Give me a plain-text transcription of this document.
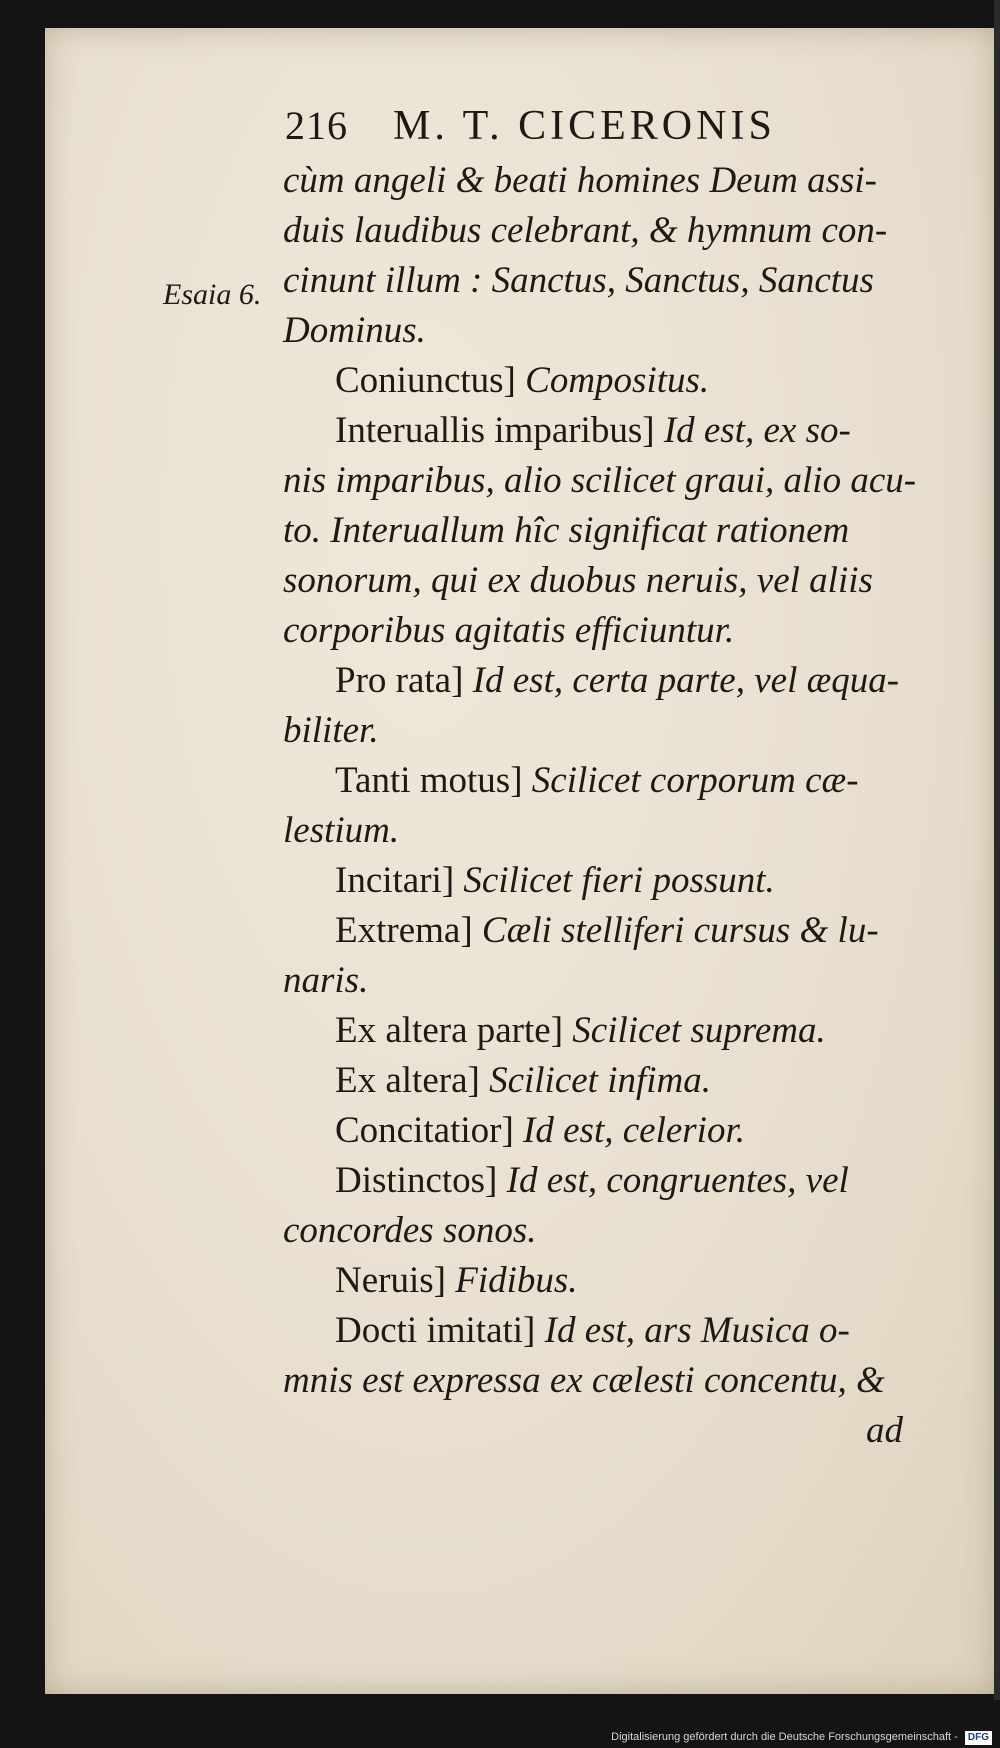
216 M. T. CICERONIS
Esaia 6.
cùm angeli & beati homines Deum assi-
duis laudibus celebrant, & hymnum con-
cinunt illum : Sanctus, Sanctus, Sanctus
Dominus.
Coniunctus] Compositus.
Interuallis imparibus] Id est, ex so-
nis imparibus, alio scilicet graui, alio acu-
to. Interuallum hîc significat rationem
sonorum, qui ex duobus neruis, vel aliis
corporibus agitatis efficiuntur.
Pro rata] Id est, certa parte, vel æqua-
biliter.
Tanti motus] Scilicet corporum cæ-
lestium.
Incitari] Scilicet fieri possunt.
Extrema] Cæli stelliferi cursus & lu-
naris.
Ex altera parte] Scilicet suprema.
Ex altera] Scilicet infima.
Concitatior] Id est, celerior.
Distinctos] Id est, congruentes, vel
concordes sonos.
Neruis] Fidibus.
Docti imitati] Id est, ars Musica o-
mnis est expressa ex cælesti concentu, &
ad
Digitalisierung gefördert durch die Deutsche Forschungsgemeinschaft - DFG
